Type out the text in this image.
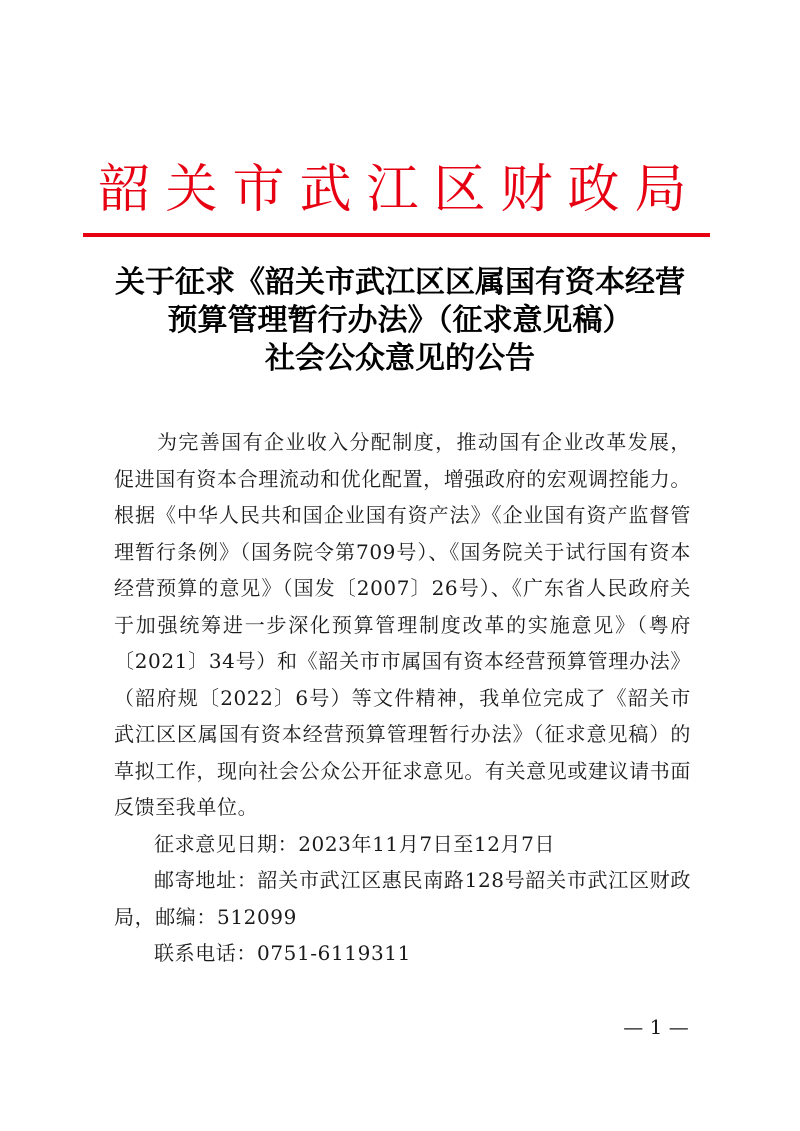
韶关市武江区财政局
关于征求《韶关市武江区区属国有资本经营
预算管理暂行办法》（征求意见稿）
社会公众意见的公告

为完善国有企业收入分配制度，推动国有企业改革发展，促进国有资本合理流动和优化配置，增强政府的宏观调控能力。根据《中华人民共和国企业国有资产法》《企业国有资产监督管理暂行条例》（国务院令第709号）、《国务院关于试行国有资本经营预算的意见》（国发〔2007〕26号）、《广东省人民政府关于加强统筹进一步深化预算管理制度改革的实施意见》（粤府〔2021〕34号）和《韶关市市属国有资本经营预算管理办法》（韶府规〔2022〕6号）等文件精神，我单位完成了《韶关市武江区区属国有资本经营预算管理暂行办法》（征求意见稿）的草拟工作，现向社会公众公开征求意见。有关意见或建议请书面反馈至我单位。

征求意见日期：2023年11月7日至12月7日

邮寄地址：韶关市武江区惠民南路128号韶关市武江区财政局，邮编：512099

联系电话：0751-6119311

— 1 —
